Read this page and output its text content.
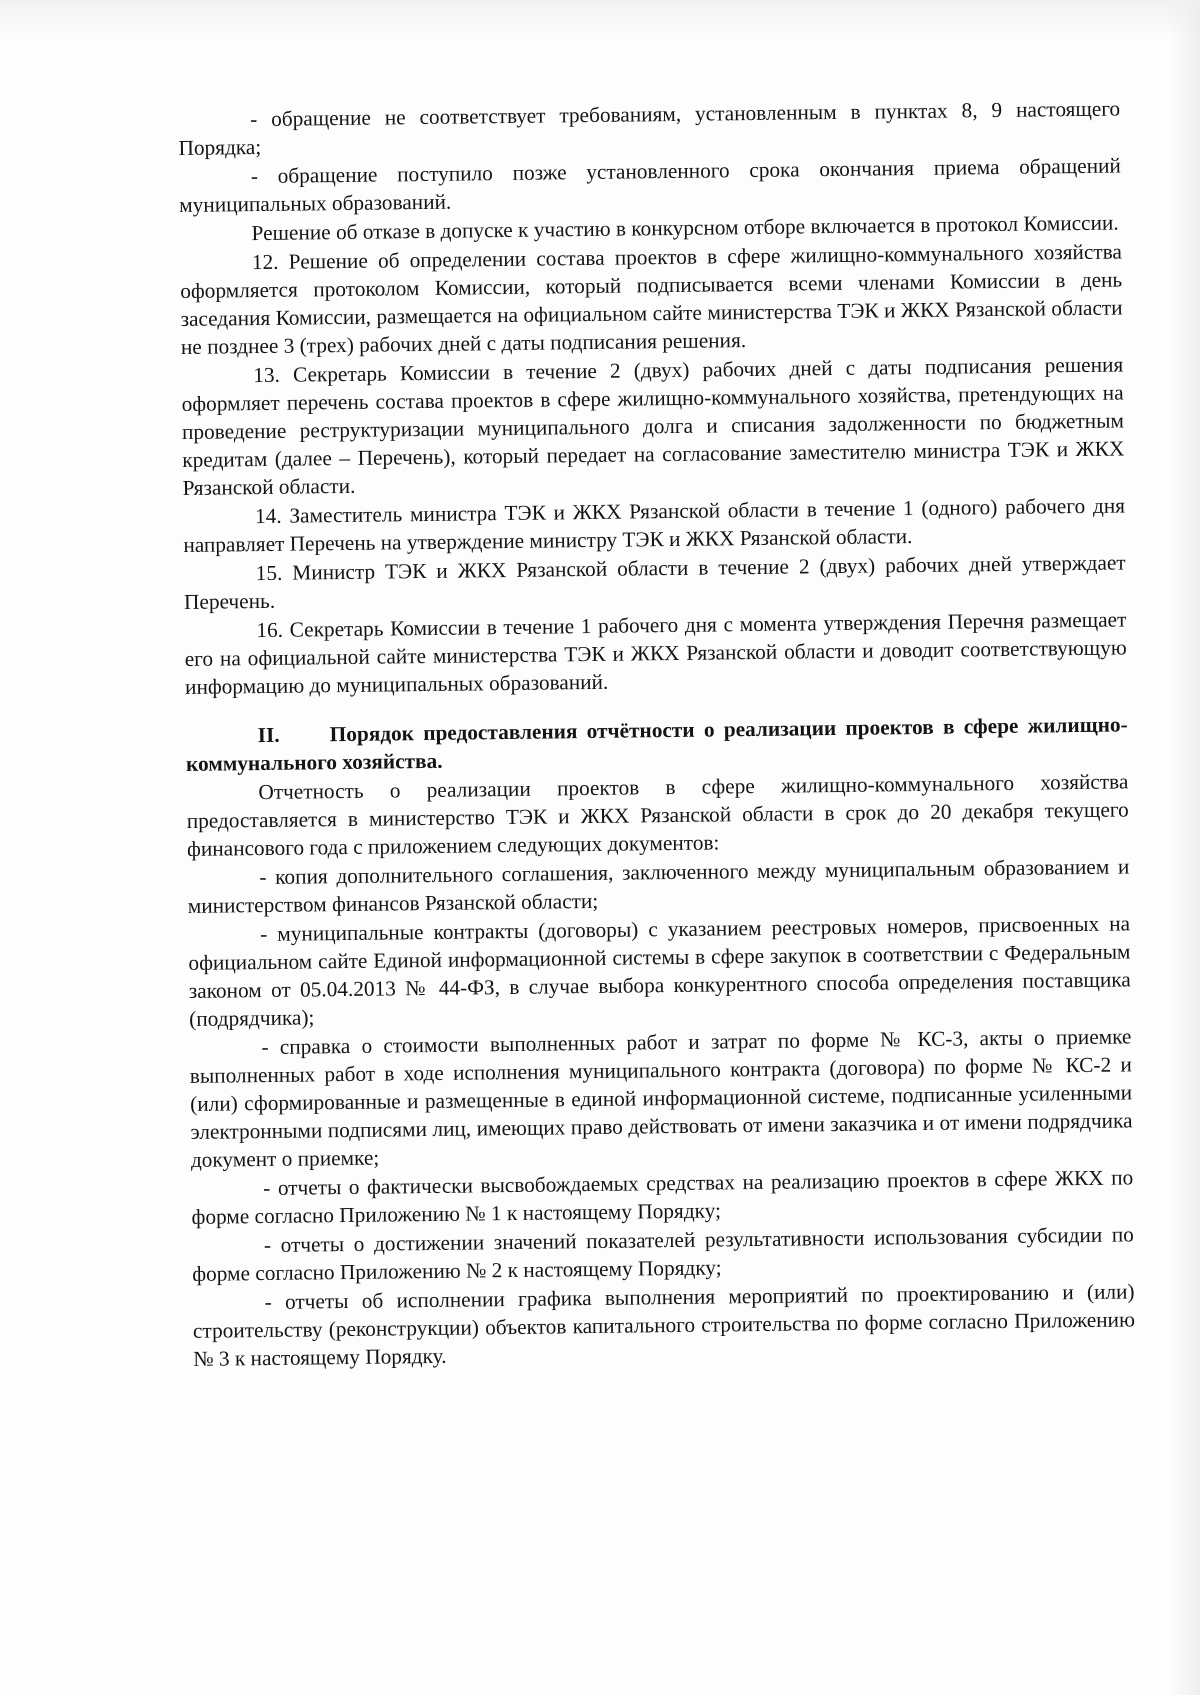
- обращение не соответствует требованиям, установленным в пунктах 8, 9 настоящего Порядка;

- обращение поступило позже установленного срока окончания приема обращений муниципальных образований.

Решение об отказе в допуске к участию в конкурсном отборе включается в протокол Комиссии.

12. Решение об определении состава проектов в сфере жилищно-коммунального хозяйства оформляется протоколом Комиссии, который подписывается всеми членами Комиссии в день заседания Комиссии, размещается на официальном сайте министерства ТЭК и ЖКХ Рязанской области не позднее 3 (трех) рабочих дней с даты подписания решения.

13. Секретарь Комиссии в течение 2 (двух) рабочих дней с даты подписания решения оформляет перечень состава проектов в сфере жилищно-коммунального хозяйства, претендующих на проведение реструктуризации муниципального долга и списания задолженности по бюджетным кредитам (далее – Перечень), который передает на согласование заместителю министра ТЭК и ЖКХ Рязанской области.

14. Заместитель министра ТЭК и ЖКХ Рязанской области в течение 1 (одного) рабочего дня направляет Перечень на утверждение министру ТЭК и ЖКХ Рязанской области.

15. Министр ТЭК и ЖКХ Рязанской области в течение 2 (двух) рабочих дней утверждает Перечень.

16. Секретарь Комиссии в течение 1 рабочего дня с момента утверждения Перечня размещает его на официальной сайте министерства ТЭК и ЖКХ Рязанской области и доводит соответствующую информацию до муниципальных образований.

II. Порядок предоставления отчётности о реализации проектов в сфере жилищно-коммунального хозяйства.

Отчетность о реализации проектов в сфере жилищно-коммунального хозяйства предоставляется в министерство ТЭК и ЖКХ Рязанской области в срок до 20 декабря текущего финансового года с приложением следующих документов:

- копия дополнительного соглашения, заключенного между муниципальным образованием и министерством финансов Рязанской области;

- муниципальные контракты (договоры) с указанием реестровых номеров, присвоенных на официальном сайте Единой информационной системы в сфере закупок в соответствии с Федеральным законом от 05.04.2013 № 44-ФЗ, в случае выбора конкурентного способа определения поставщика (подрядчика);

- справка о стоимости выполненных работ и затрат по форме № КС-3, акты о приемке выполненных работ в ходе исполнения муниципального контракта (договора) по форме № КС-2 и (или) сформированные и размещенные в единой информационной системе, подписанные усиленными электронными подписями лиц, имеющих право действовать от имени заказчика и от имени подрядчика документ о приемке;

- отчеты о фактически высвобождаемых средствах на реализацию проектов в сфере ЖКХ по форме согласно Приложению № 1 к настоящему Порядку;

- отчеты о достижении значений показателей результативности использования субсидии по форме согласно Приложению № 2 к настоящему Порядку;

- отчеты об исполнении графика выполнения мероприятий по проектированию и (или) строительству (реконструкции) объектов капитального строительства по форме согласно Приложению № 3 к настоящему Порядку.
